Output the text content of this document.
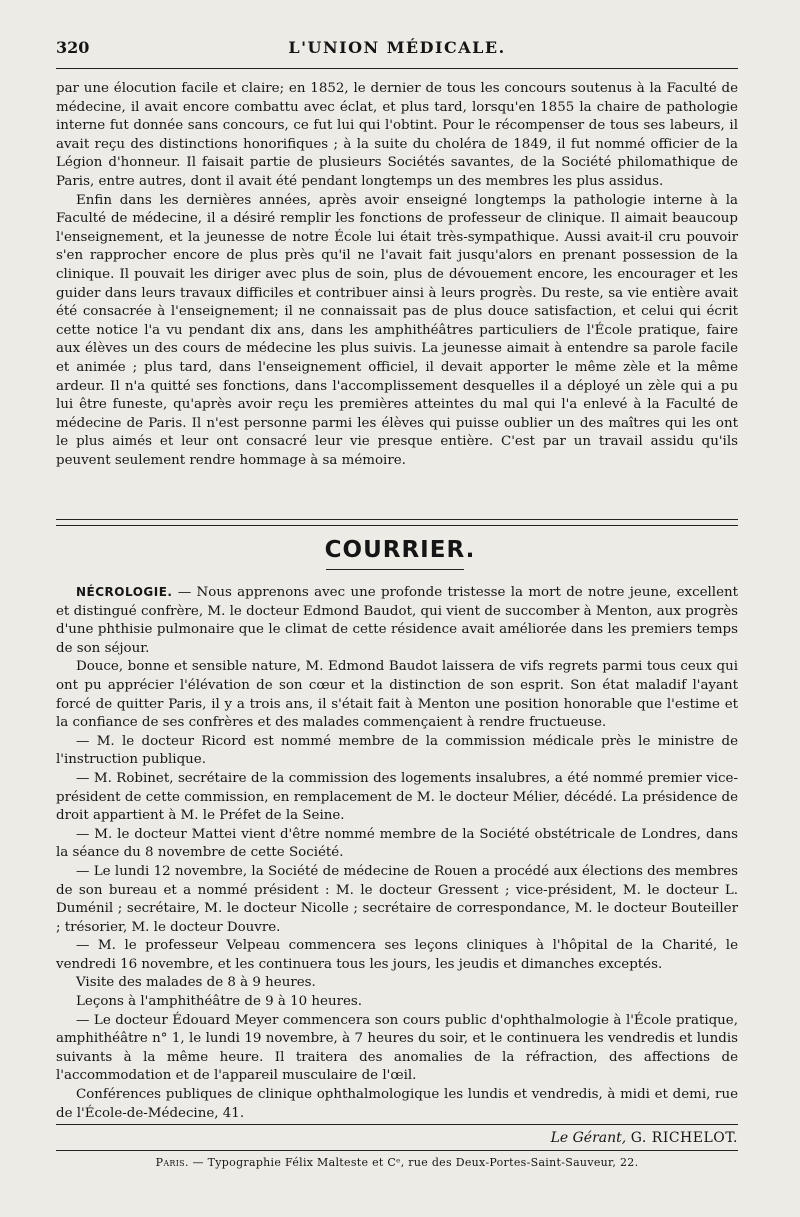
320	L'UNION MÉDICALE.

par une élocution facile et claire; en 1852, le dernier de tous les concours soutenus à la Faculté de médecine, il avait encore combattu avec éclat, et plus tard, lorsqu'en 1855 la chaire de pathologie interne fut donnée sans concours, ce fut lui qui l'obtint. Pour le récompenser de tous ses labeurs, il avait reçu des distinctions honorifiques ; à la suite du choléra de 1849, il fut nommé officier de la Légion d'honneur. Il faisait partie de plusieurs Sociétés savantes, de la Société philomathique de Paris, entre autres, dont il avait été pendant longtemps un des membres les plus assidus.

Enfin dans les dernières années, après avoir enseigné longtemps la pathologie interne à la Faculté de médecine, il a désiré remplir les fonctions de professeur de clinique. Il aimait beaucoup l'enseignement, et la jeunesse de notre École lui était très-sympathique. Aussi avait-il cru pouvoir s'en rapprocher encore de plus près qu'il ne l'avait fait jusqu'alors en prenant possession de la clinique. Il pouvait les diriger avec plus de soin, plus de dévouement encore, les encourager et les guider dans leurs travaux difficiles et contribuer ainsi à leurs progrès. Du reste, sa vie entière avait été consacrée à l'enseignement; il ne connaissait pas de plus douce satisfaction, et celui qui écrit cette notice l'a vu pendant dix ans, dans les amphithéâtres particuliers de l'École pratique, faire aux élèves un des cours de médecine les plus suivis. La jeunesse aimait à entendre sa parole facile et animée ; plus tard, dans l'enseignement officiel, il devait apporter le même zèle et la même ardeur. Il n'a quitté ses fonctions, dans l'accomplissement desquelles il a déployé un zèle qui a pu lui être funeste, qu'après avoir reçu les premières atteintes du mal qui l'a enlevé à la Faculté de médecine de Paris. Il n'est personne parmi les élèves qui puisse oublier un des maîtres qui les ont le plus aimés et leur ont consacré leur vie presque entière. C'est par un travail assidu qu'ils peuvent seulement rendre hommage à sa mémoire.

COURRIER.

NÉCROLOGIE. — Nous apprenons avec une profonde tristesse la mort de notre jeune, excellent et distingué confrère, M. le docteur Edmond Baudot, qui vient de succomber à Menton, aux progrès d'une phthisie pulmonaire que le climat de cette résidence avait améliorée dans les premiers temps de son séjour.

Douce, bonne et sensible nature, M. Edmond Baudot laissera de vifs regrets parmi tous ceux qui ont pu apprécier l'élévation de son cœur et la distinction de son esprit. Son état maladif l'ayant forcé de quitter Paris, il y a trois ans, il s'était fait à Menton une position honorable que l'estime et la confiance de ses confrères et des malades commençaient à rendre fructueuse.

— M. le docteur Ricord est nommé membre de la commission médicale près le ministre de l'instruction publique.

— M. Robinet, secrétaire de la commission des logements insalubres, a été nommé premier vice-président de cette commission, en remplacement de M. le docteur Mélier, décédé. La présidence de droit appartient à M. le Préfet de la Seine.

— M. le docteur Mattei vient d'être nommé membre de la Société obstétricale de Londres, dans la séance du 8 novembre de cette Société.

— Le lundi 12 novembre, la Société de médecine de Rouen a procédé aux élections des membres de son bureau et a nommé président : M. le docteur Gressent ; vice-président, M. le docteur L. Duménil ; secrétaire, M. le docteur Nicolle ; secrétaire de correspondance, M. le docteur Bouteiller ; trésorier, M. le docteur Douvre.

— M. le professeur Velpeau commencera ses leçons cliniques à l'hôpital de la Charité, le vendredi 16 novembre, et les continuera tous les jours, les jeudis et dimanches exceptés.

Visite des malades de 8 à 9 heures.

Leçons à l'amphithéâtre de 9 à 10 heures.

— Le docteur Édouard Meyer commencera son cours public d'ophthalmologie à l'École pratique, amphithéâtre n° 1, le lundi 19 novembre, à 7 heures du soir, et le continuera les vendredis et lundis suivants à la même heure. Il traitera des anomalies de la réfraction, des affections de l'accommodation et de l'appareil musculaire de l'œil.

Conférences publiques de clinique ophthalmologique les lundis et vendredis, à midi et demi, rue de l'École-de-Médecine, 41.

Le Gérant, G. RICHELOT.
Paris. — Typographie Félix Malteste et Cᵉ, rue des Deux-Portes-Saint-Sauveur, 22.
